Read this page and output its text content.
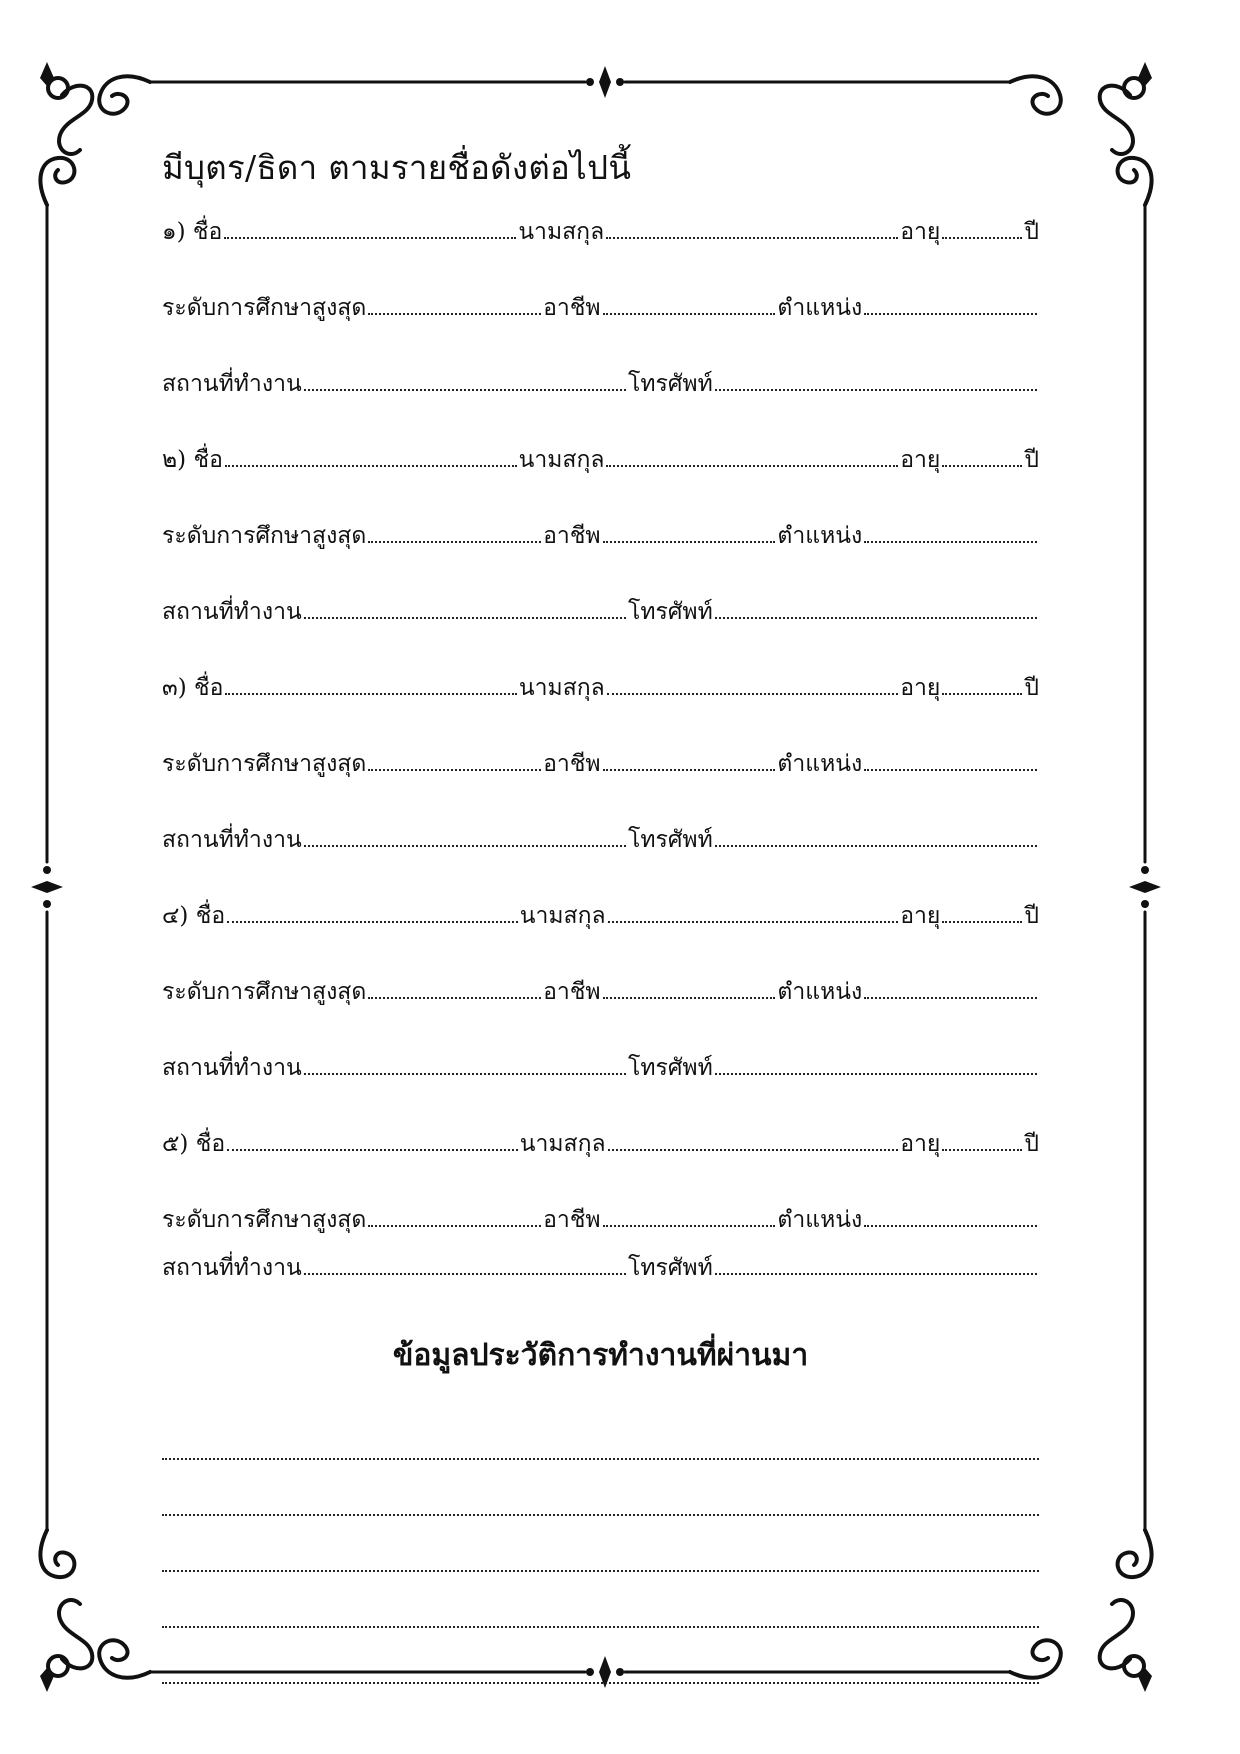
มีบุตร/ธิดา ตามรายชื่อดังต่อไปนี้
๑)
ชื่อ	นามสกุล	อายุ	ปี
ระดับการศึกษาสูงสุด	อาชีพ	ตำแหน่ง
สถานที่ทำงาน	โทรศัพท์
๒)
ชื่อ	นามสกุล	อายุ	ปี
ระดับการศึกษาสูงสุด	อาชีพ	ตำแหน่ง
สถานที่ทำงาน	โทรศัพท์
๓)
ชื่อ	นามสกุล	อายุ	ปี
ระดับการศึกษาสูงสุด	อาชีพ	ตำแหน่ง
สถานที่ทำงาน	โทรศัพท์
๔)
ชื่อ	นามสกุล	อายุ	ปี
ระดับการศึกษาสูงสุด	อาชีพ	ตำแหน่ง
สถานที่ทำงาน	โทรศัพท์
๕)
ชื่อ	นามสกุล	อายุ	ปี
ระดับการศึกษาสูงสุด	อาชีพ	ตำแหน่ง
สถานที่ทำงาน	โทรศัพท์
ข้อมูลประวัติการทำงานที่ผ่านมา
